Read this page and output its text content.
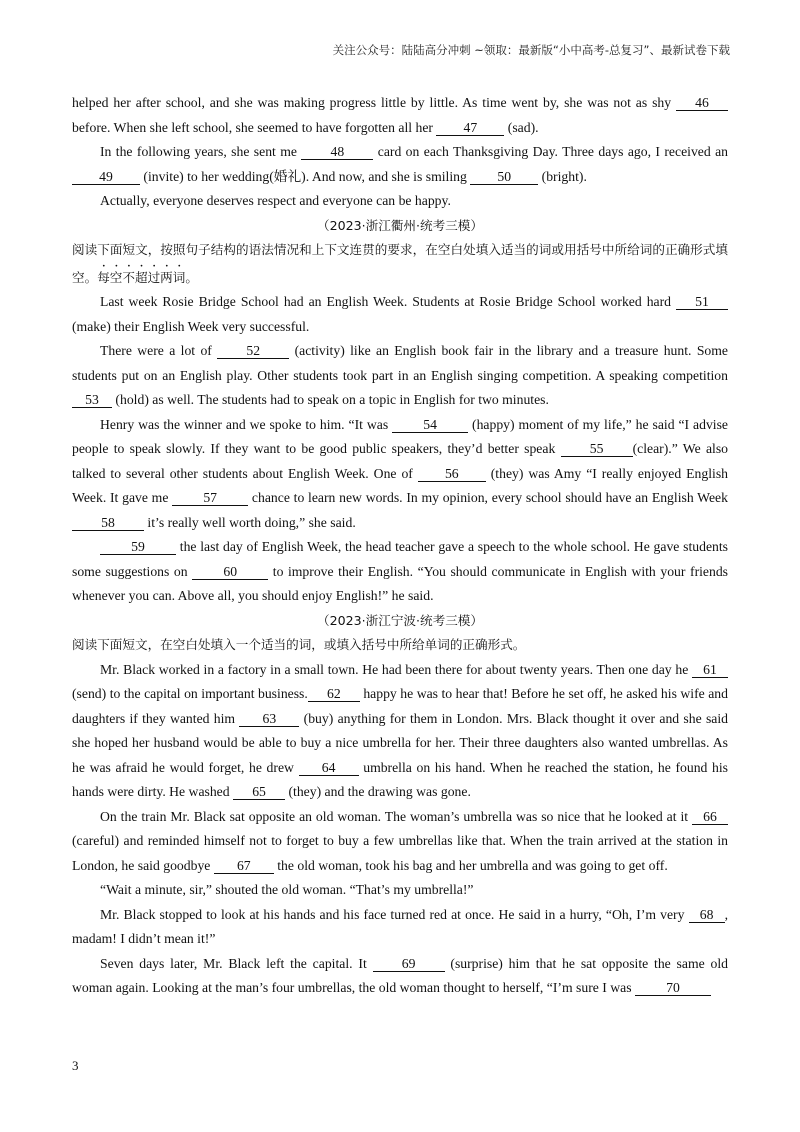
关注公众号：陆陆高分冲刺 ~领取：最新版“小中高考-总复习”、最新试卷下载

helped her after school, and she was making progress little by little. As time went by, she was not as shy 46 before. When she left school, she seemed to have forgotten all her 47 (sad).

In the following years, she sent me 48 card on each Thanksgiving Day. Three days ago, I received an 49 (invite) to her wedding(婚礼). And now, and she is smiling 50 (bright).

Actually, everyone deserves respect and everyone can be happy.

（2023·浙江衢州·统考三模）

阅读下面短文，按照句子结构的语法情况和上下文连贯的要求，在空白处填入适当的词或用括号中所给词的正确形式填空。每空不超过两词。

Last week Rosie Bridge School had an English Week. Students at Rosie Bridge School worked hard 51 (make) their English Week very successful.

There were a lot of	52	(activity) like an English book fair in the library and a treasure hunt. Some students put on an English play. Other students took part in an English singing competition. A speaking competition 53 (hold) as well. The students had to speak on a topic in English for two minutes.

Henry was the winner and we spoke to him. “It was	54	(happy) moment of my life,” he said “I advise people to speak slowly. If they want to be good public speakers, they’d better speak	55 (clear).” We also talked to several other students about English Week. One of 56 (they) was Amy “I really enjoyed English Week. It gave me	57	chance to learn new words. In my opinion, every school should have an English Week 58 it’s really well worth doing,” she said.

59	the last day of English Week, the head teacher gave a speech to the whole school. He gave students some suggestions on	60	to improve their English. “You should communicate in English with your friends whenever you can. Above all, you should enjoy English!” he said.

（2023·浙江宁波·统考三模）

阅读下面短文，在空白处填入一个适当的词，或填入括号中所给单词的正确形式。

Mr. Black worked in a factory in a small town. He had been there for about twenty years. Then one day he 61 (send) to the capital on important business. 62 happy he was to hear that! Before he set off, he asked his wife and daughters if they wanted him 63 (buy) anything for them in London. Mrs. Black thought it over and she said she hoped her husband would be able to buy a nice umbrella for her. Their three daughters also wanted umbrellas. As he was afraid he would forget, he drew 64 umbrella on his hand. When he reached the station, he found his hands were dirty. He washed 65 (they) and the drawing was gone.

On the train Mr. Black sat opposite an old woman. The woman’s umbrella was so nice that he looked at it 66 (careful) and reminded himself not to forget to buy a few umbrellas like that. When the train arrived at the station in London, he said goodbye 67 the old woman, took his bag and her umbrella and was going to get off.

“Wait a minute, sir,” shouted the old woman. “That’s my umbrella!”

Mr. Black stopped to look at his hands and his face turned red at once. He said in a hurry, “Oh, I’m very 68 , madam! I didn’t mean it!”

Seven days later, Mr. Black left the capital. It	69	(surprise) him that he sat opposite the same old woman again. Looking at the man’s four umbrellas, the old woman thought to herself, “I’m sure I was	70

3
